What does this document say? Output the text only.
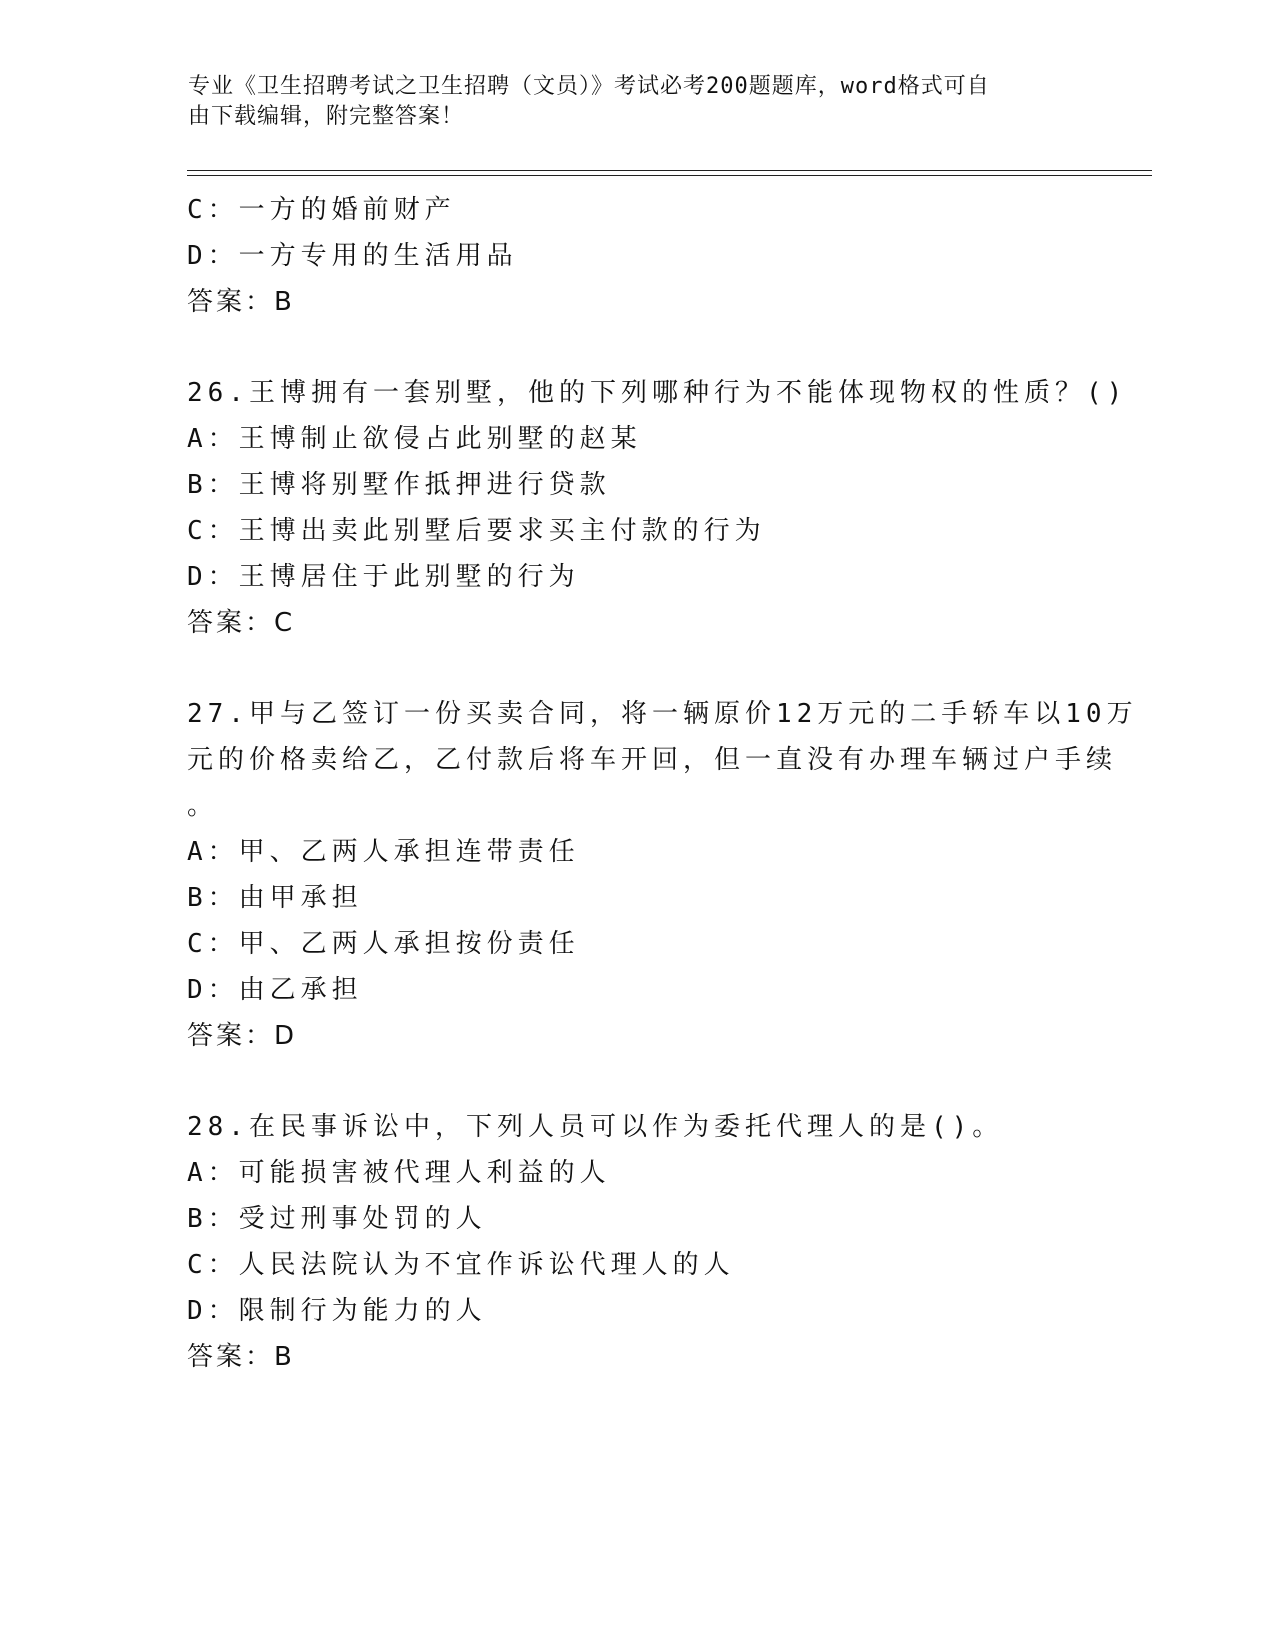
专业《卫生招聘考试之卫生招聘（文员）》考试必考200题题库，word格式可自
由下载编辑，附完整答案！
C：一方的婚前财产
D：一方专用的生活用品
答案：B
26.王博拥有一套别墅，他的下列哪种行为不能体现物权的性质？()
A：王博制止欲侵占此别墅的赵某
B：王博将别墅作抵押进行贷款
C：王博出卖此别墅后要求买主付款的行为
D：王博居住于此别墅的行为
答案：C
27.甲与乙签订一份买卖合同，将一辆原价12万元的二手轿车以10万
元的价格卖给乙，乙付款后将车开回，但一直没有办理车辆过户手续
。
A：甲、乙两人承担连带责任
B：由甲承担
C：甲、乙两人承担按份责任
D：由乙承担
答案：D
28.在民事诉讼中，下列人员可以作为委托代理人的是()。
A：可能损害被代理人利益的人
B：受过刑事处罚的人
C：人民法院认为不宜作诉讼代理人的人
D：限制行为能力的人
答案：B
